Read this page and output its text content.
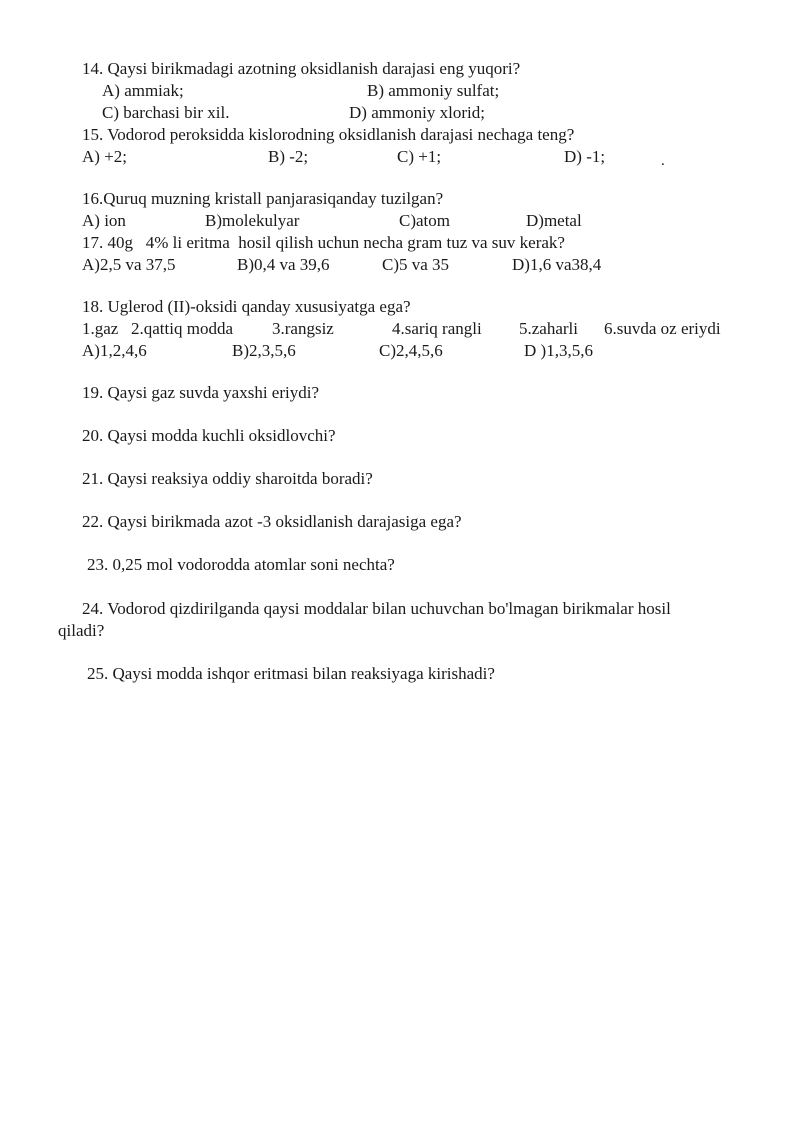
14. Qaysi birikmadagi azotning oksidlanish darajasi eng yuqori?
A) ammiak;	B) ammoniy sulfat;
C) barchasi bir xil.	D) ammoniy xlorid;
15. Vodorod peroksidda kislorodning oksidlanish darajasi nechaga teng?
A) +2;	B) -2;	C) +1;	D) -1;	.
16.Quruq muzning kristall panjarasiqanday tuzilgan?
A) ion	B)molekulyar	C)atom	D)metal
17. 40g   4% li eritma  hosil qilish uchun necha gram tuz va suv kerak?
A)2,5 va 37,5	B)0,4 va 39,6	C)5 va 35	D)1,6 va38,4
18. Uglerod (II)-oksidi qanday xususiyatga ega?
1.gaz 2.qattiq modda 3.rangsiz	4.sariq rangli 5.zaharli 6.suvda oz eriydi
A)1,2,4,6	B)2,3,5,6	C)2,4,5,6	D )1,3,5,6
19. Qaysi gaz suvda yaxshi eriydi?
20. Qaysi modda kuchli oksidlovchi?
21. Qaysi reaksiya oddiy sharoitda boradi?
22. Qaysi birikmada azot -3 oksidlanish darajasiga ega?
23. 0,25 mol vodorodda atomlar soni nechta?
24. Vodorod qizdirilganda qaysi moddalar bilan uchuvchan bo'lmagan birikmalar hosil
qiladi?
25. Qaysi modda ishqor eritmasi bilan reaksiyaga kirishadi?
